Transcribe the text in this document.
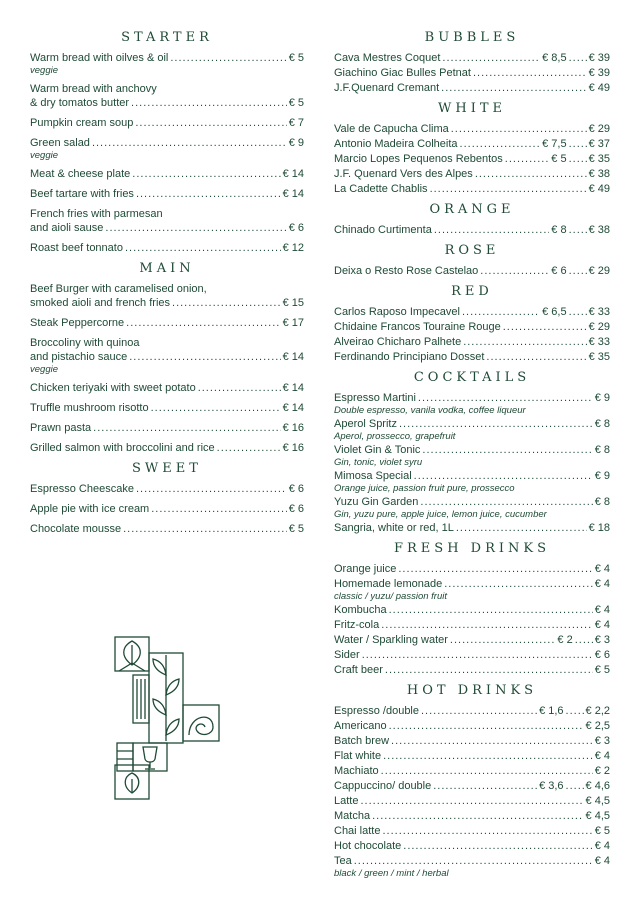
STARTER
Warm bread with oilves & oil .....	€ 5
veggie
Warm bread with anchovy
& dry tomatos butter .....	€ 5
Pumpkin cream soup .....	€ 7
Green salad .....	€ 9
veggie
Meat & cheese plate .....	€ 14
Beef tartare with fries .....	€ 14
French fries with parmesan
and aioli sause .....	€ 6
Roast beef tonnato .....	€ 12
MAIN
Beef Burger with caramelised onion,
smoked aioli and french fries .....	€ 15
Steak Peppercorne .....	€ 17
Broccoliny with quinoa
and pistachio sauce .....	€ 14
veggie
Chicken teriyaki with sweet potato .....	€ 14
Truffle mushroom risotto .....	€ 14
Prawn pasta .....	€ 16
Grilled salmon with broccolini and rice .....	€ 16
SWEET
Espresso Cheescake .....	€ 6
Apple pie with ice cream .....	€ 6
Chocolate mousse .....	€ 5
BUBBLES
Cava Mestres Coquet .....	€ 8,5 ..... € 39
Giachino Giac Bulles Petnat .....	€ 39
J.F.Quenard Cremant .....	€ 49
WHITE
Vale de Capucha Clima .....	€ 29
Antonio Madeira Colheita .....	€ 7,5 ..... € 37
Marcio Lopes Pequenos Rebentos .....	€ 5 ..... € 35
J.F. Quenard Vers des Alpes .....	€ 38
La Cadette Chablis .....	€ 49
ORANGE
Chinado Curtimenta .....	€ 8 ..... € 38
ROSE
Deixa o Resto Rose Castelao .....	€ 6 ..... € 29
RED
Carlos Raposo Impecavel .....	€ 6,5 ..... € 33
Chidaine Francos Touraine Rouge .....	€ 29
Alveirao Chicharo Palhete .....	€ 33
Ferdinando Principiano Dosset .....	€ 35
COCKTAILS
Espresso Martini .....	€ 9
Double espresso, vanila vodka, coffee liqueur
Aperol Spritz .....	€ 8
Aperol, prossecco, grapefruit
Violet Gin & Tonic .....	€ 8
Gin, tonic, violet syru
Mimosa Special .....	€ 9
Orange juice, passion fruit pure, prossecco
Yuzu Gin Garden .....	€ 8
Gin, yuzu pure, apple juice, lemon juice, cucumber
Sangria, white or red, 1L .....	€ 18
FRESH DRINKS
Orange juice .....	€ 4
Homemade lemonade .....	€ 4
classic / yuzu/ passion fruit
Kombucha .....	€ 4
Fritz-cola .....	€ 4
Water / Sparkling water .....	€ 2 ..... € 3
Sider .....	€ 6
Craft beer .....	€ 5
HOT DRINKS
Espresso /double .....	€ 1,6 ..... € 2,2
Americano .....	€ 2,5
Batch brew .....	€ 3
Flat white .....	€ 4
Machiato .....	€ 2
Cappuccino/ double .....	€ 3,6 ..... € 4,6
Latte .....	€ 4,5
Matcha .....	€ 4,5
Chai latte .....	€ 5
Hot chocolate .....	€ 4
Tea .....	€ 4
black / green / mint / herbal
